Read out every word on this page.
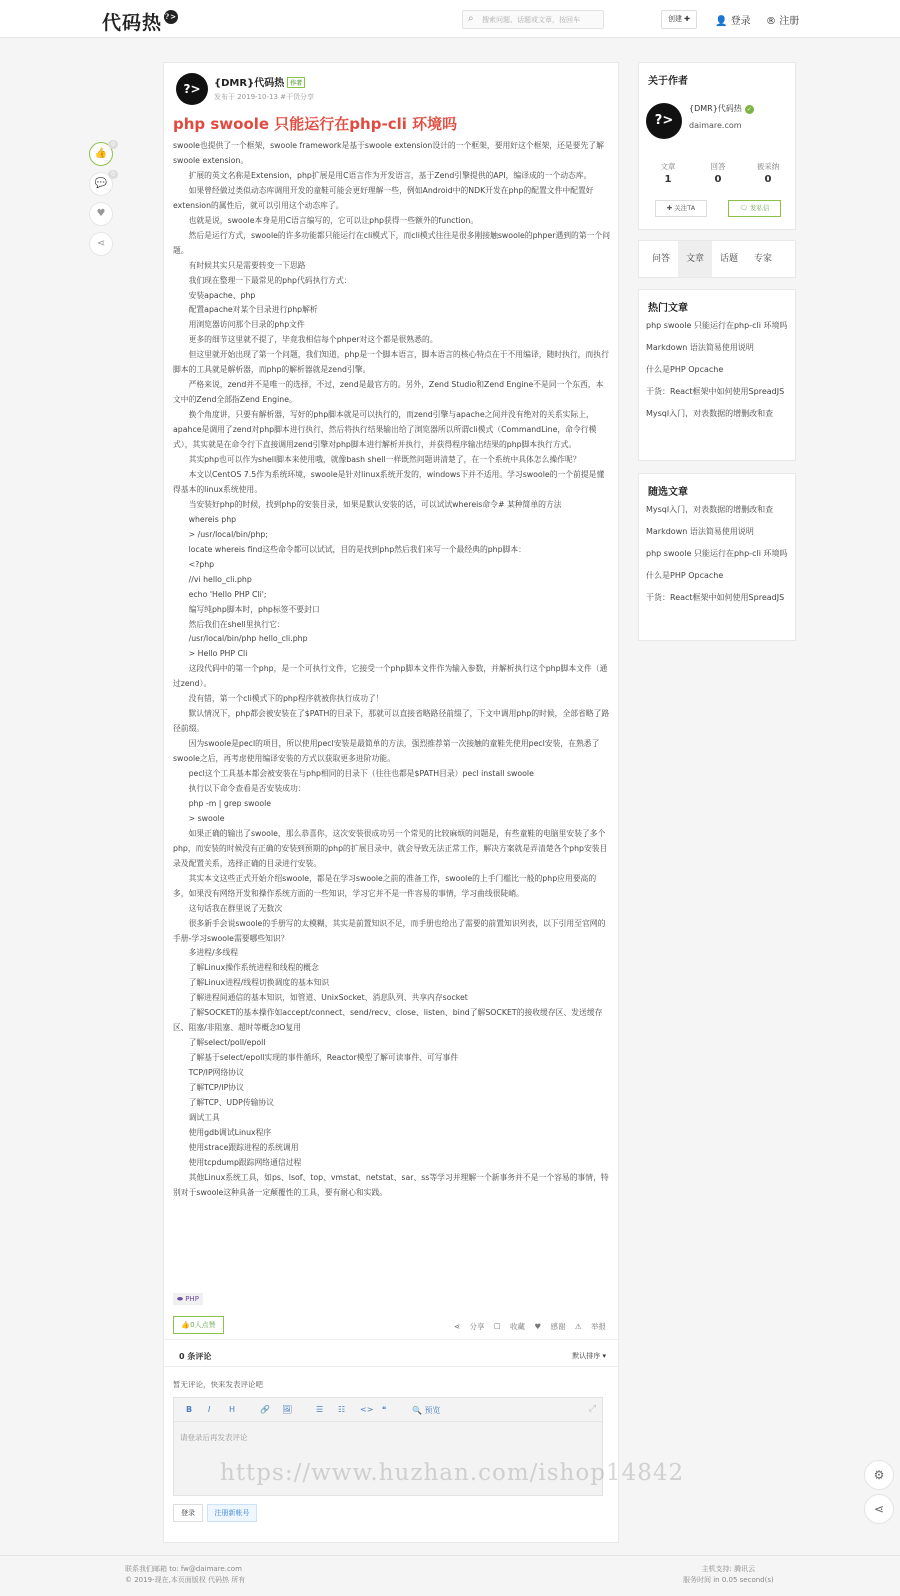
代码热 ?>	⌕ 搜索问题、话题或文章，按回车	创建 ✚	👤 登录 ® 注册
👍
0
💬
0
♥
⋖
?>	{DMR}代码热 作者
发布于 2019-10-13 #干货分享
php swoole 只能运行在php-cli 环境吗

swoole也提供了一个框架，swoole framework是基于swoole extension设计的一个框架，要用好这个框架，还是要先了解swoole extension。

扩展的英文名称是Extension，php扩展是用C语言作为开发语言，基于Zend引擎提供的API，编译成的一个动态库。

如果曾经做过类似动态库调用开发的童鞋可能会更好理解一些，例如Android中的NDK开发在php的配置文件中配置好extension的属性后，就可以引用这个动态库了。

也就是说，swoole本身是用C语言编写的，它可以让php获得一些额外的function。

然后是运行方式，swoole的许多功能都只能运行在cli模式下，而cli模式往往是很多刚接触swoole的phper遇到的第一个问题。

有时候其实只是需要转变一下思路

我们现在整理一下最常见的php代码执行方式：

安装apache、php

配置apache对某个目录进行php解析

用浏览器访问那个目录的php文件

更多的细节这里就不提了，毕竟我相信每个phper对这个都是很熟悉的。

但这里就开始出现了第一个问题，我们知道，php是一个脚本语言，脚本语言的核心特点在于不用编译，随时执行，而执行脚本的工具就是解析器，而php的解析器就是zend引擎。

严格来说，zend并不是唯一的选择，不过，zend是最官方的。另外，Zend Studio和Zend Engine不是同一个东西，本文中的Zend全部指Zend Engine。

换个角度讲，只要有解析器，写好的php脚本就是可以执行的，而zend引擎与apache之间并没有绝对的关系实际上，apahce是调用了zend对php脚本进行执行，然后将执行结果输出给了浏览器所以所谓cli模式（CommandLine，命令行模式），其实就是在命令行下直接调用zend引擎对php脚本进行解析并执行，并获得程序输出结果的php脚本执行方式。

其实php也可以作为shell脚本来使用哦，就像bash shell一样既然问题讲清楚了，在一个系统中具体怎么操作呢？

本文以CentOS 7.5作为系统环境，swoole是针对linux系统开发的，windows下并不适用。学习swoole的一个前提是懂得基本的linux系统使用。

当安装好php的时候，找到php的安装目录，如果是默认安装的话，可以试试whereis命令# 某种简单的方法

whereis php

> /usr/local/bin/php;

locate whereis find这些命令都可以试试，目的是找到php然后我们来写一个最经典的php脚本：

<?php

//vi hello_cli.php

echo 'Hello PHP Cli';

编写纯php脚本时，php标签不要封口

然后我们在shell里执行它：

/usr/local/bin/php hello_cli.php

> Hello PHP Cli

这段代码中的第一个php，是一个可执行文件，它接受一个php脚本文件作为输入参数，并解析执行这个php脚本文件（通过zend）。

没有错，第一个cli模式下的php程序就被你执行成功了！

默认情况下，php都会被安装在了$PATH的目录下，那就可以直接省略路径前缀了，下文中调用php的时候，全部省略了路径前缀。

因为swoole是pecl的项目，所以使用pecl安装是最简单的方法，强烈推荐第一次接触的童鞋先使用pecl安装，在熟悉了swoole之后，再考虑使用编译安装的方式以获取更多进阶功能。

pecl这个工具基本都会被安装在与php相同的目录下（往往也都是$PATH目录）pecl install swoole

执行以下命令查看是否安装成功：

php -m | grep swoole

> swoole

如果正确的输出了swoole，那么恭喜你，这次安装很成功另一个常见的比较麻烦的问题是，有些童鞋的电脑里安装了多个php，而安装的时候没有正确的安装到预期的php的扩展目录中，就会导致无法正常工作，解决方案就是弄清楚各个php安装目录及配置关系，选择正确的目录进行安装。

其实本文这些正式开始介绍swoole，都是在学习swoole之前的准备工作，swoole的上手门槛比一般的php应用要高的多，如果没有网络开发和操作系统方面的一些知识，学习它并不是一件容易的事情，学习曲线很陡峭。

这句话我在群里说了无数次

很多新手会说swoole的手册写的太模糊，其实是前置知识不足，而手册也给出了需要的前置知识列表，以下引用至官网的手册-学习swoole需要哪些知识？

多进程/多线程

了解Linux操作系统进程和线程的概念

了解Linux进程/线程切换调度的基本知识

了解进程间通信的基本知识，如管道、UnixSocket、消息队列、共享内存socket

了解SOCKET的基本操作如accept/connect、send/recv、close、listen、bind了解SOCKET的接收缓存区、发送缓存区、阻塞/非阻塞、超时等概念IO复用

了解select/poll/epoll

了解基于select/epoll实现的事件循环，Reactor模型了解可读事件、可写事件

TCP/IP网络协议

了解TCP/IP协议

了解TCP、UDP传输协议

调试工具

使用gdb调试Linux程序

使用strace跟踪进程的系统调用

使用tcpdump跟踪网络通信过程

其他Linux系统工具，如ps、lsof、top、vmstat、netstat、sar、ss等学习并理解一个新事务并不是一个容易的事情，特别对于swoole这种具备一定颠覆性的工具，要有耐心和实践。

⬬ PHP
👍0人点赞	⋖ 分享 ☐ 收藏 ♥ 感谢 ⚠ 举报
0 条评论	默认排序 ▾
暂无评论，快来发表评论吧
B I H	🔗 🖼	☰ ☷ <> ❝	🔍 预览	⤢
请登录后再发表评论
登录	注册新帐号
关于作者
?>
{DMR}代码热 ✓
daimare.com
文章
1
回答
0
被采纳
0
✚ 关注TA	🗨 发私信
问答	文章	话题	专家
热门文章
php swoole 只能运行在php-cli 环境吗
Markdown 语法简易使用说明
什么是PHP Opcache
干货：React框架中如何使用SpreadJS
Mysql入门，对表数据的增删改和查
随选文章
Mysql入门，对表数据的增删改和查
Markdown 语法简易使用说明
php swoole 只能运行在php-cli 环境吗
什么是PHP Opcache
干货：React框架中如何使用SpreadJS
⚙
⋖
联系我们邮箱 to: fw@daimare.com
© 2019-现在,本页面版权 代码热 所有
主机支持: 腾讯云
服务时间 in 0.05 second(s)
https://www.huzhan.com/ishop14842
